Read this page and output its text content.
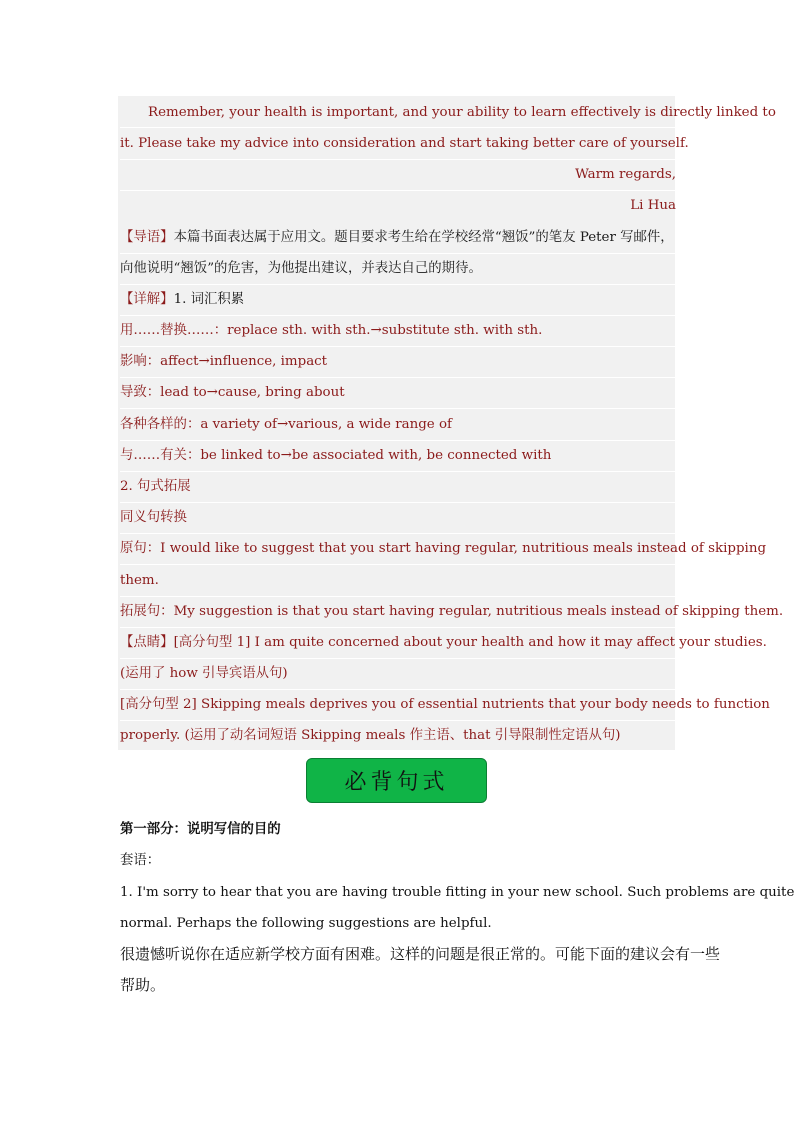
Remember, your health is important, and your ability to learn effectively is directly linked to
it. Please take my advice into consideration and start taking better care of yourself.
Warm regards,
Li Hua
【导语】本篇书面表达属于应用文。题目要求考生给在学校经常“翘饭”的笔友 Peter 写邮件，
向他说明“翘饭”的危害，为他提出建议，并表达自己的期待。
【详解】1. 词汇积累
用……替换……：replace sth. with sth.→substitute sth. with sth.
影响：affect→influence, impact
导致：lead to→cause, bring about
各种各样的：a variety of→various, a wide range of
与……有关：be linked to→be associated with, be connected with
2. 句式拓展
同义句转换
原句：I would like to suggest that you start having regular, nutritious meals instead of skipping
them.
拓展句：My suggestion is that you start having regular, nutritious meals instead of skipping them.
【点睛】[高分句型 1] I am quite concerned about your health and how it may affect your studies.
(运用了 how 引导宾语从句)
[高分句型 2] Skipping meals deprives you of essential nutrients that your body needs to function
properly. (运用了动名词短语 Skipping meals 作主语、that 引导限制性定语从句)
必背句式
第一部分：说明写信的目的
套语：
1. I'm sorry to hear that you are having trouble fitting in your new school. Such problems are quite
normal. Perhaps the following suggestions are helpful.
很遗憾听说你在适应新学校方面有困难。这样的问题是很正常的。可能下面的建议会有一些
帮助。
